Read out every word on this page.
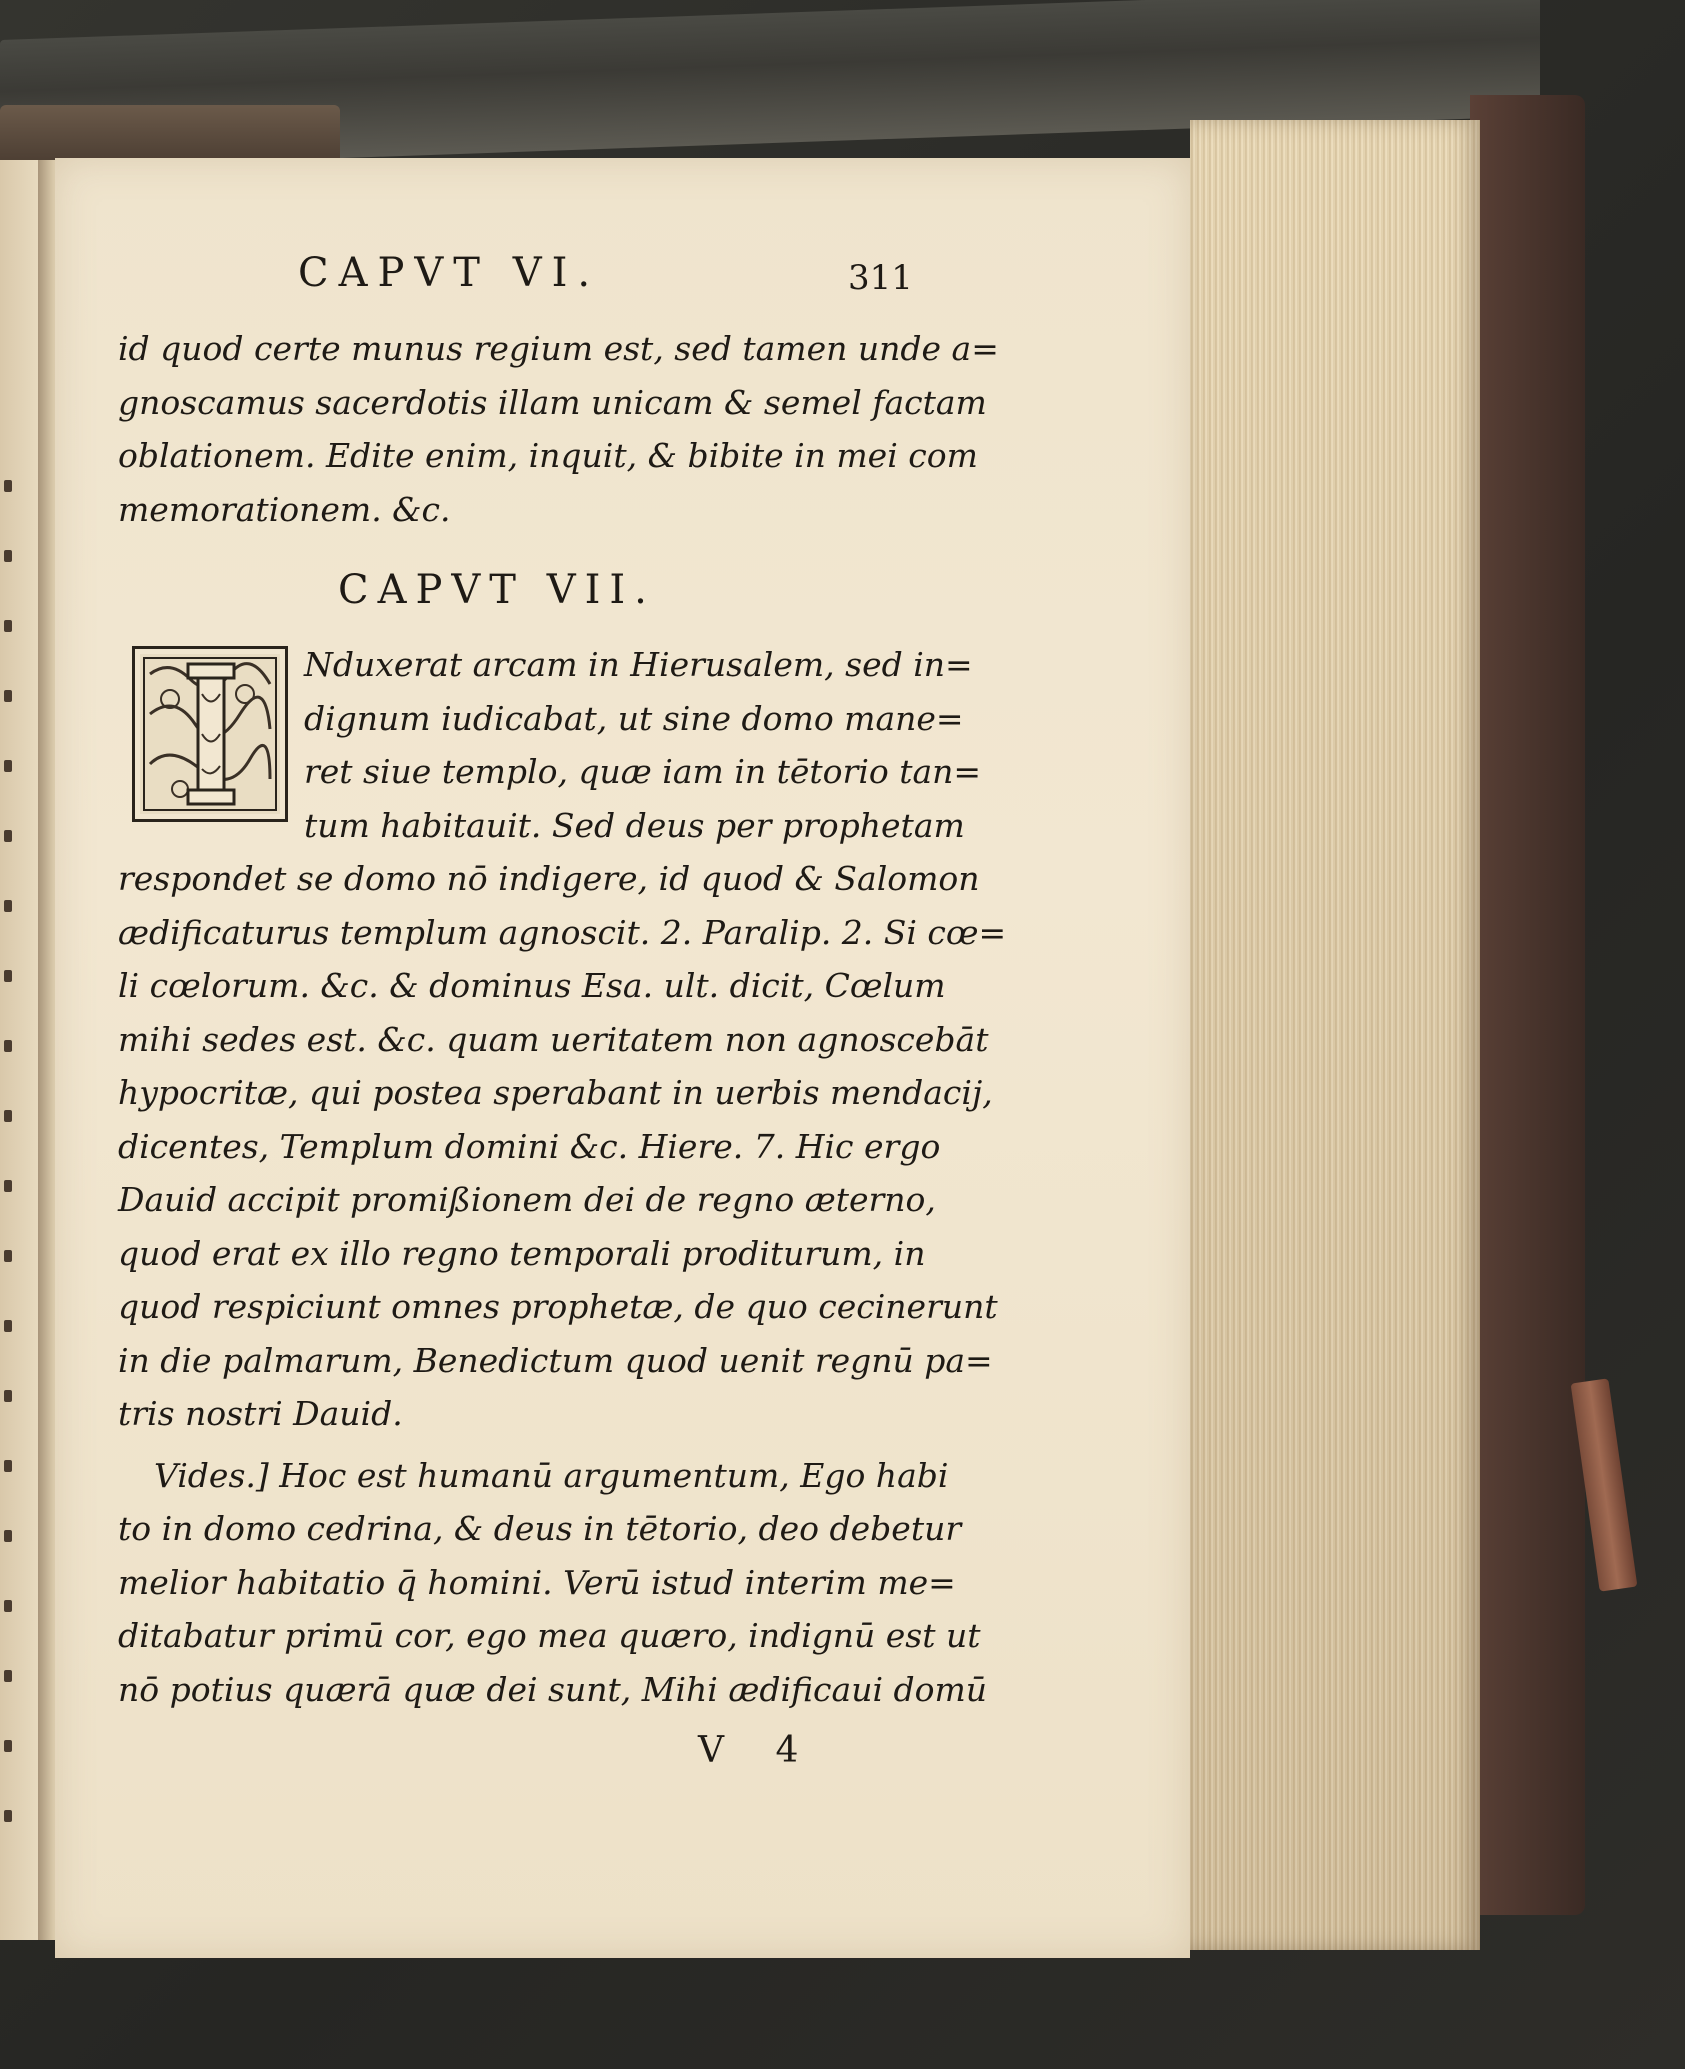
CAPVT VI.	311
id quod certe munus regium est, sed tamen unde a=
gnoscamus sacerdotis illam unicam & semel factam
oblationem. Edite enim, inquit, & bibite in mei com
memorationem. &c.
CAPVT VII.
Nduxerat arcam in Hierusalem, sed in=
dignum iudicabat, ut sine domo mane=
ret siue templo, quæ iam in tētorio tan=
tum habitauit. Sed deus per prophetam
respondet se domo nō indigere, id quod & Salomon
ædificaturus templum agnoscit. 2. Paralip. 2. Si cœ=
li cœlorum. &c. & dominus Esa. ult. dicit, Cœlum
mihi sedes est. &c. quam ueritatem non agnoscebāt
hypocritæ, qui postea sperabant in uerbis mendacij,
dicentes, Templum domini &c. Hiere. 7. Hic ergo
Dauid accipit promißionem dei de regno æterno,
quod erat ex illo regno temporali proditurum, in
quod respiciunt omnes prophetæ, de quo cecinerunt
in die palmarum, Benedictum quod uenit regnū pa=
tris nostri Dauid.
Vides.] Hoc est humanū argumentum, Ego habi
to in domo cedrina, & deus in tētorio, deo debetur
melior habitatio q̄ homini. Verū istud interim me=
ditabatur primū cor, ego mea quæro, indignū est ut
nō potius quærā quæ dei sunt, Mihi ædificaui domū
V 4
